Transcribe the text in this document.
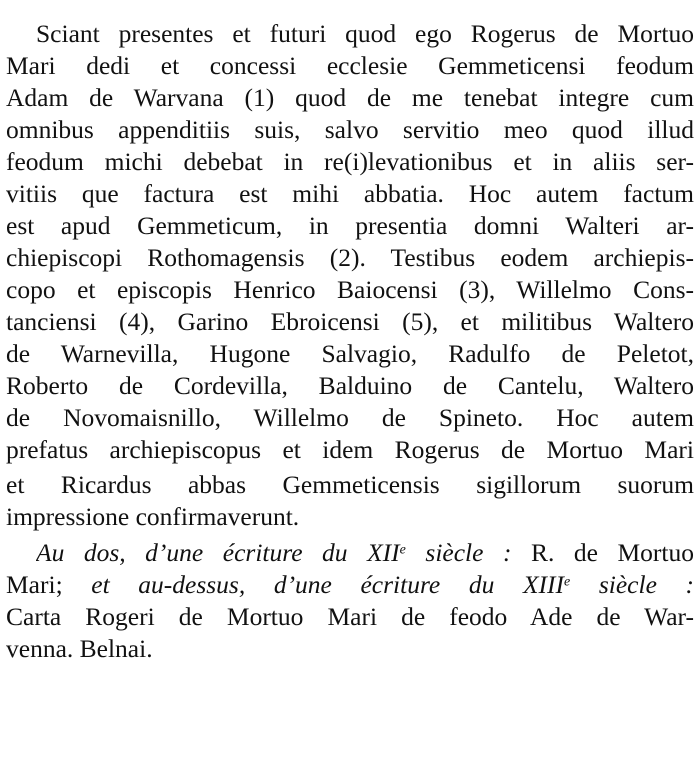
Sciant presentes et futuri quod ego Rogerus de Mortuo
Mari dedi et concessi ecclesie Gemmeticensi feodum
Adam de Warvana (1) quod de me tenebat integre cum
omnibus appenditiis suis, salvo servitio meo quod illud
feodum michi debebat in re(i)levationibus et in aliis ser-
vitiis que factura est mihi abbatia. Hoc autem factum
est apud Gemmeticum, in presentia domni Walteri ar-
chiepiscopi Rothomagensis (2). Testibus eodem archiepis-
copo et episcopis Henrico Baiocensi (3), Willelmo Cons-
tanciensi (4), Garino Ebroicensi (5), et militibus Waltero
de Warnevilla, Hugone Salvagio, Radulfo de Peletot,
Roberto de Cordevilla, Balduino de Cantelu, Waltero
de Novomaisnillo, Willelmo de Spineto. Hoc autem
prefatus archiepiscopus et idem Rogerus de Mortuo Mari
et Ricardus abbas Gemmeticensis sigillorum suorum
impressione confirmaverunt.
Au dos, d’une écriture du XIIe siècle : R. de Mortuo
Mari; et au-dessus, d’une écriture du XIIIe siècle :
Carta Rogeri de Mortuo Mari de feodo Ade de War-
venna. Belnai.
